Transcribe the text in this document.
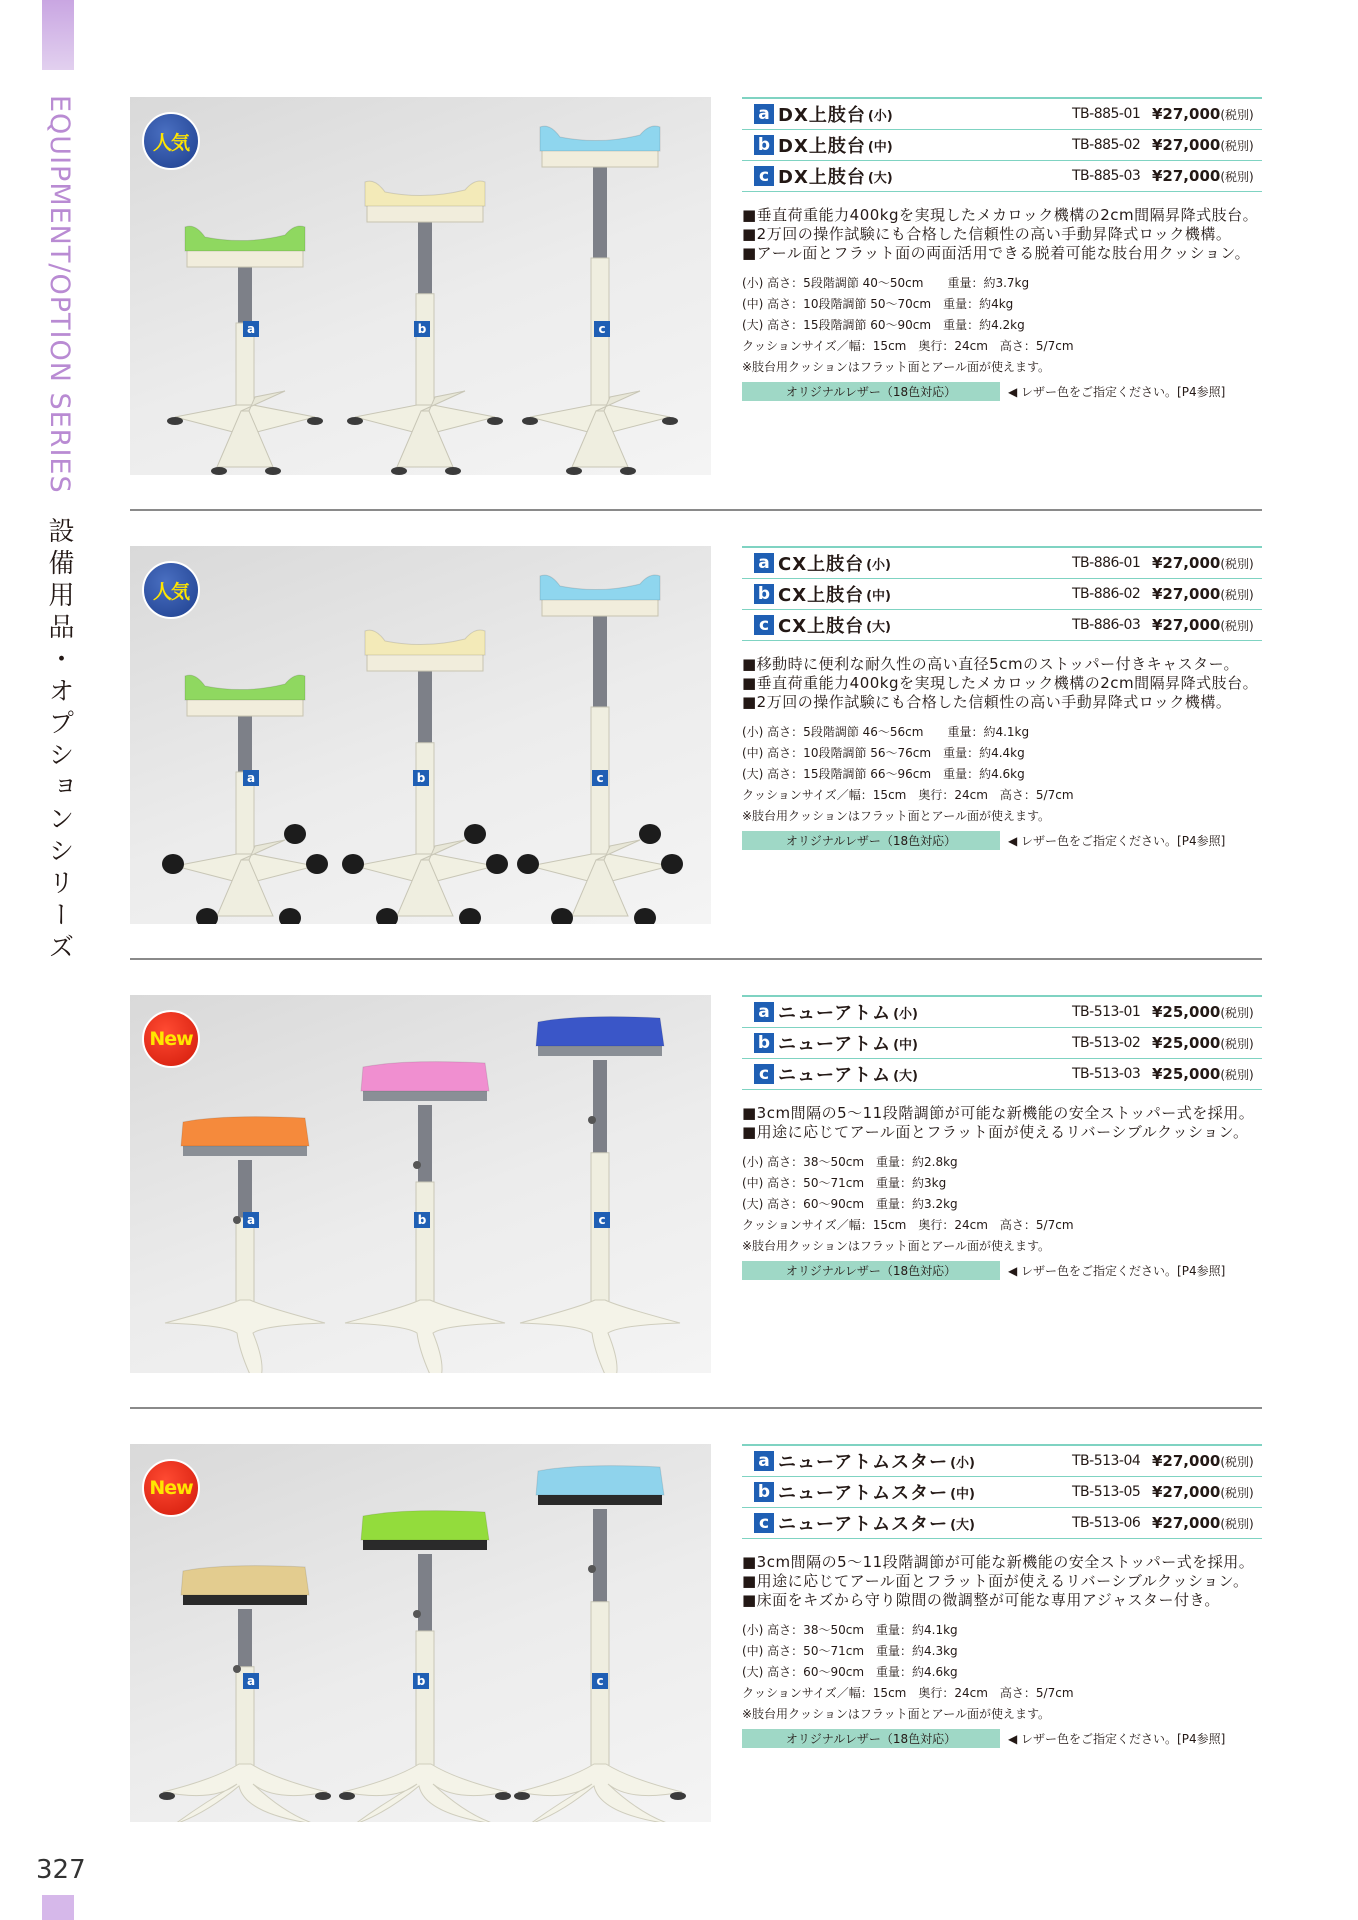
EQUIPMENT/OPTION SERIES 設備用品・オプションシリーズ
327
人気
a	b	c
a DX上肢台 (小)	TB-885-01 ¥27,000(税別)
b DX上肢台 (中)	TB-885-02 ¥27,000(税別)
c DX上肢台 (大)	TB-885-03 ¥27,000(税別)
■垂直荷重能力400kgを実現したメカロック機構の2cm間隔昇降式肢台。
■2万回の操作試験にも合格した信頼性の高い手動昇降式ロック機構。
■アール面とフラット面の両面活用できる脱着可能な肢台用クッション。
(小) 高さ：5段階調節 40〜50cm　　重量：約3.7kg
(中) 高さ：10段階調節 50〜70cm　重量：約4kg
(大) 高さ：15段階調節 60〜90cm　重量：約4.2kg
クッションサイズ／幅：15cm　奥行：24cm　高さ：5/7cm
※肢台用クッションはフラット面とアール面が使えます。
オリジナルレザー（18色対応）	◀ レザー色をご指定ください。[P4参照]
人気
a	b	c
a CX上肢台 (小)	TB-886-01 ¥27,000(税別)
b CX上肢台 (中)	TB-886-02 ¥27,000(税別)
c CX上肢台 (大)	TB-886-03 ¥27,000(税別)
■移動時に便利な耐久性の高い直径5cmのストッパー付きキャスター。
■垂直荷重能力400kgを実現したメカロック機構の2cm間隔昇降式肢台。
■2万回の操作試験にも合格した信頼性の高い手動昇降式ロック機構。
(小) 高さ：5段階調節 46〜56cm　　重量：約4.1kg
(中) 高さ：10段階調節 56〜76cm　重量：約4.4kg
(大) 高さ：15段階調節 66〜96cm　重量：約4.6kg
クッションサイズ／幅：15cm　奥行：24cm　高さ：5/7cm
※肢台用クッションはフラット面とアール面が使えます。
オリジナルレザー（18色対応）	◀ レザー色をご指定ください。[P4参照]
New
a	b	c
a ニューアトム (小)	TB-513-01 ¥25,000(税別)
b ニューアトム (中)	TB-513-02 ¥25,000(税別)
c ニューアトム (大)	TB-513-03 ¥25,000(税別)
■3cm間隔の5〜11段階調節が可能な新機能の安全ストッパー式を採用。
■用途に応じてアール面とフラット面が使えるリバーシブルクッション。
(小) 高さ：38〜50cm　重量：約2.8kg
(中) 高さ：50〜71cm　重量：約3kg
(大) 高さ：60〜90cm　重量：約3.2kg
クッションサイズ／幅：15cm　奥行：24cm　高さ：5/7cm
※肢台用クッションはフラット面とアール面が使えます。
オリジナルレザー（18色対応）	◀ レザー色をご指定ください。[P4参照]
New
a	b	c
a ニューアトムスター (小)	TB-513-04 ¥27,000(税別)
b ニューアトムスター (中)	TB-513-05 ¥27,000(税別)
c ニューアトムスター (大)	TB-513-06 ¥27,000(税別)
■3cm間隔の5〜11段階調節が可能な新機能の安全ストッパー式を採用。
■用途に応じてアール面とフラット面が使えるリバーシブルクッション。
■床面をキズから守り隙間の微調整が可能な専用アジャスター付き。
(小) 高さ：38〜50cm　重量：約4.1kg
(中) 高さ：50〜71cm　重量：約4.3kg
(大) 高さ：60〜90cm　重量：約4.6kg
クッションサイズ／幅：15cm　奥行：24cm　高さ：5/7cm
※肢台用クッションはフラット面とアール面が使えます。
オリジナルレザー（18色対応）	◀ レザー色をご指定ください。[P4参照]
